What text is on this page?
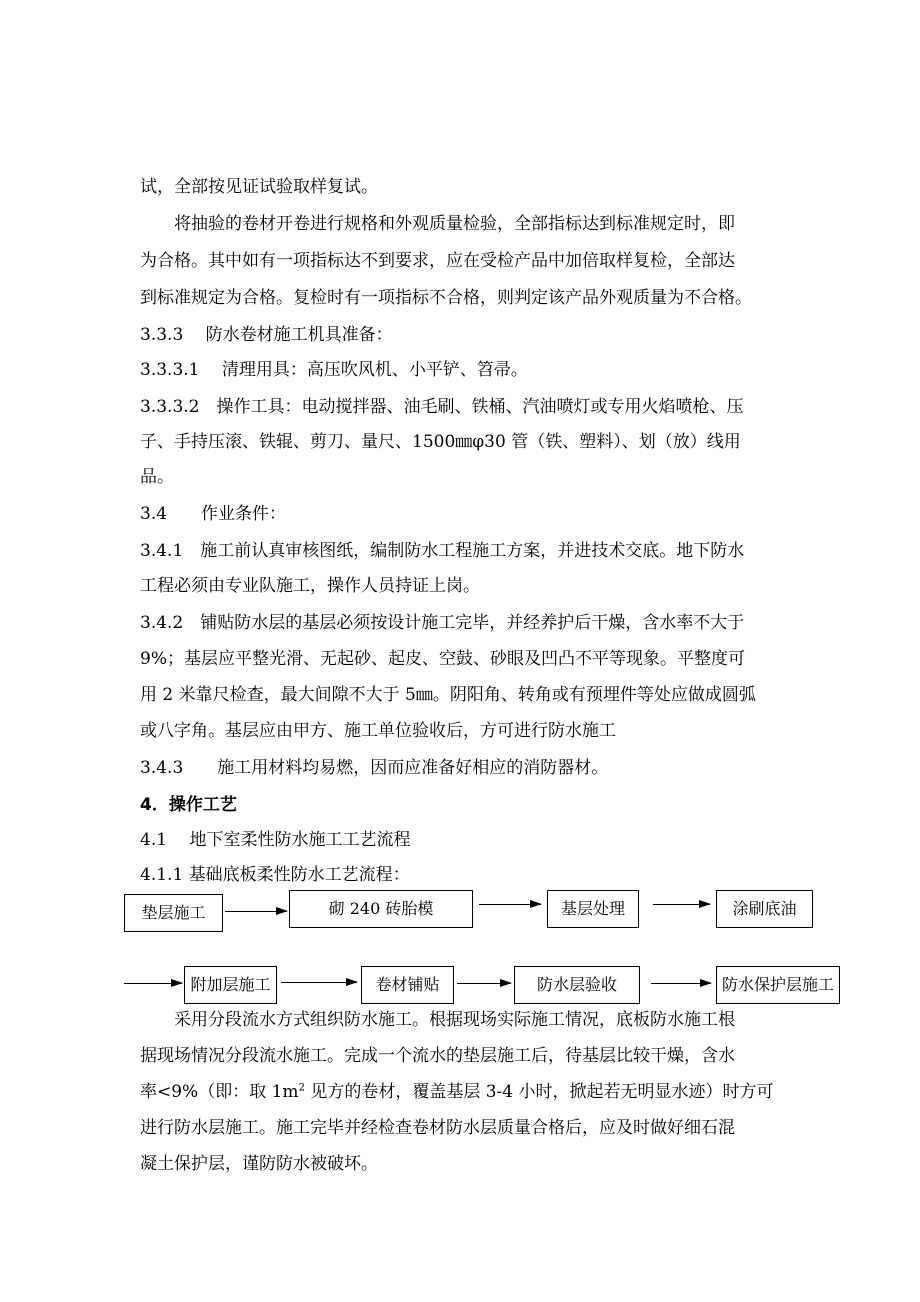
试，全部按见证试验取样复试。
将抽验的卷材开卷进行规格和外观质量检验，全部指标达到标准规定时，即
为合格。其中如有一项指标达不到要求，应在受检产品中加倍取样复检，全部达
到标准规定为合格。复检时有一项指标不合格，则判定该产品外观质量为不合格。
3.3.3　 防水卷材施工机具准备：
3.3.3.1　 清理用具：高压吹风机、小平铲、笤帚。
3.3.3.2　操作工具：电动搅拌器、油毛刷、铁桶、汽油喷灯或专用火焰喷枪、压
子、手持压滚、铁辊、剪刀、量尺、1500㎜φ30 管（铁、塑料）、划（放）线用
品。
3.4　　作业条件：
3.4.1　施工前认真审核图纸，编制防水工程施工方案，并进技术交底。地下防水
工程必须由专业队施工，操作人员持证上岗。
3.4.2　铺贴防水层的基层必须按设计施工完毕，并经养护后干燥，含水率不大于
9%；基层应平整光滑、无起砂、起皮、空鼓、砂眼及凹凸不平等现象。平整度可
用 2 米靠尺检查，最大间隙不大于 5㎜。阴阳角、转角或有预埋件等处应做成圆弧
或八字角。基层应由甲方、施工单位验收后，方可进行防水施工
3.4.3　　施工用材料均易燃，因而应准备好相应的消防器材。
4．操作工艺
4.1　 地下室柔性防水施工工艺流程
4.1.1 基础底板柔性防水工艺流程：
垫层施工	砌 240 砖胎模	基层处理	涂刷底油
附加层施工	卷材铺贴	防水层验收	防水保护层施工
采用分段流水方式组织防水施工。根据现场实际施工情况，底板防水施工根
据现场情况分段流水施工。完成一个流水的垫层施工后，待基层比较干燥，含水
率<9%（即：取 $1m^2$ 见方的卷材，覆盖基层 3-4 小时，掀起若无明显水迹）时方可
进行防水层施工。施工完毕并经检查卷材防水层质量合格后，应及时做好细石混
凝土保护层，谨防防水被破坏。
